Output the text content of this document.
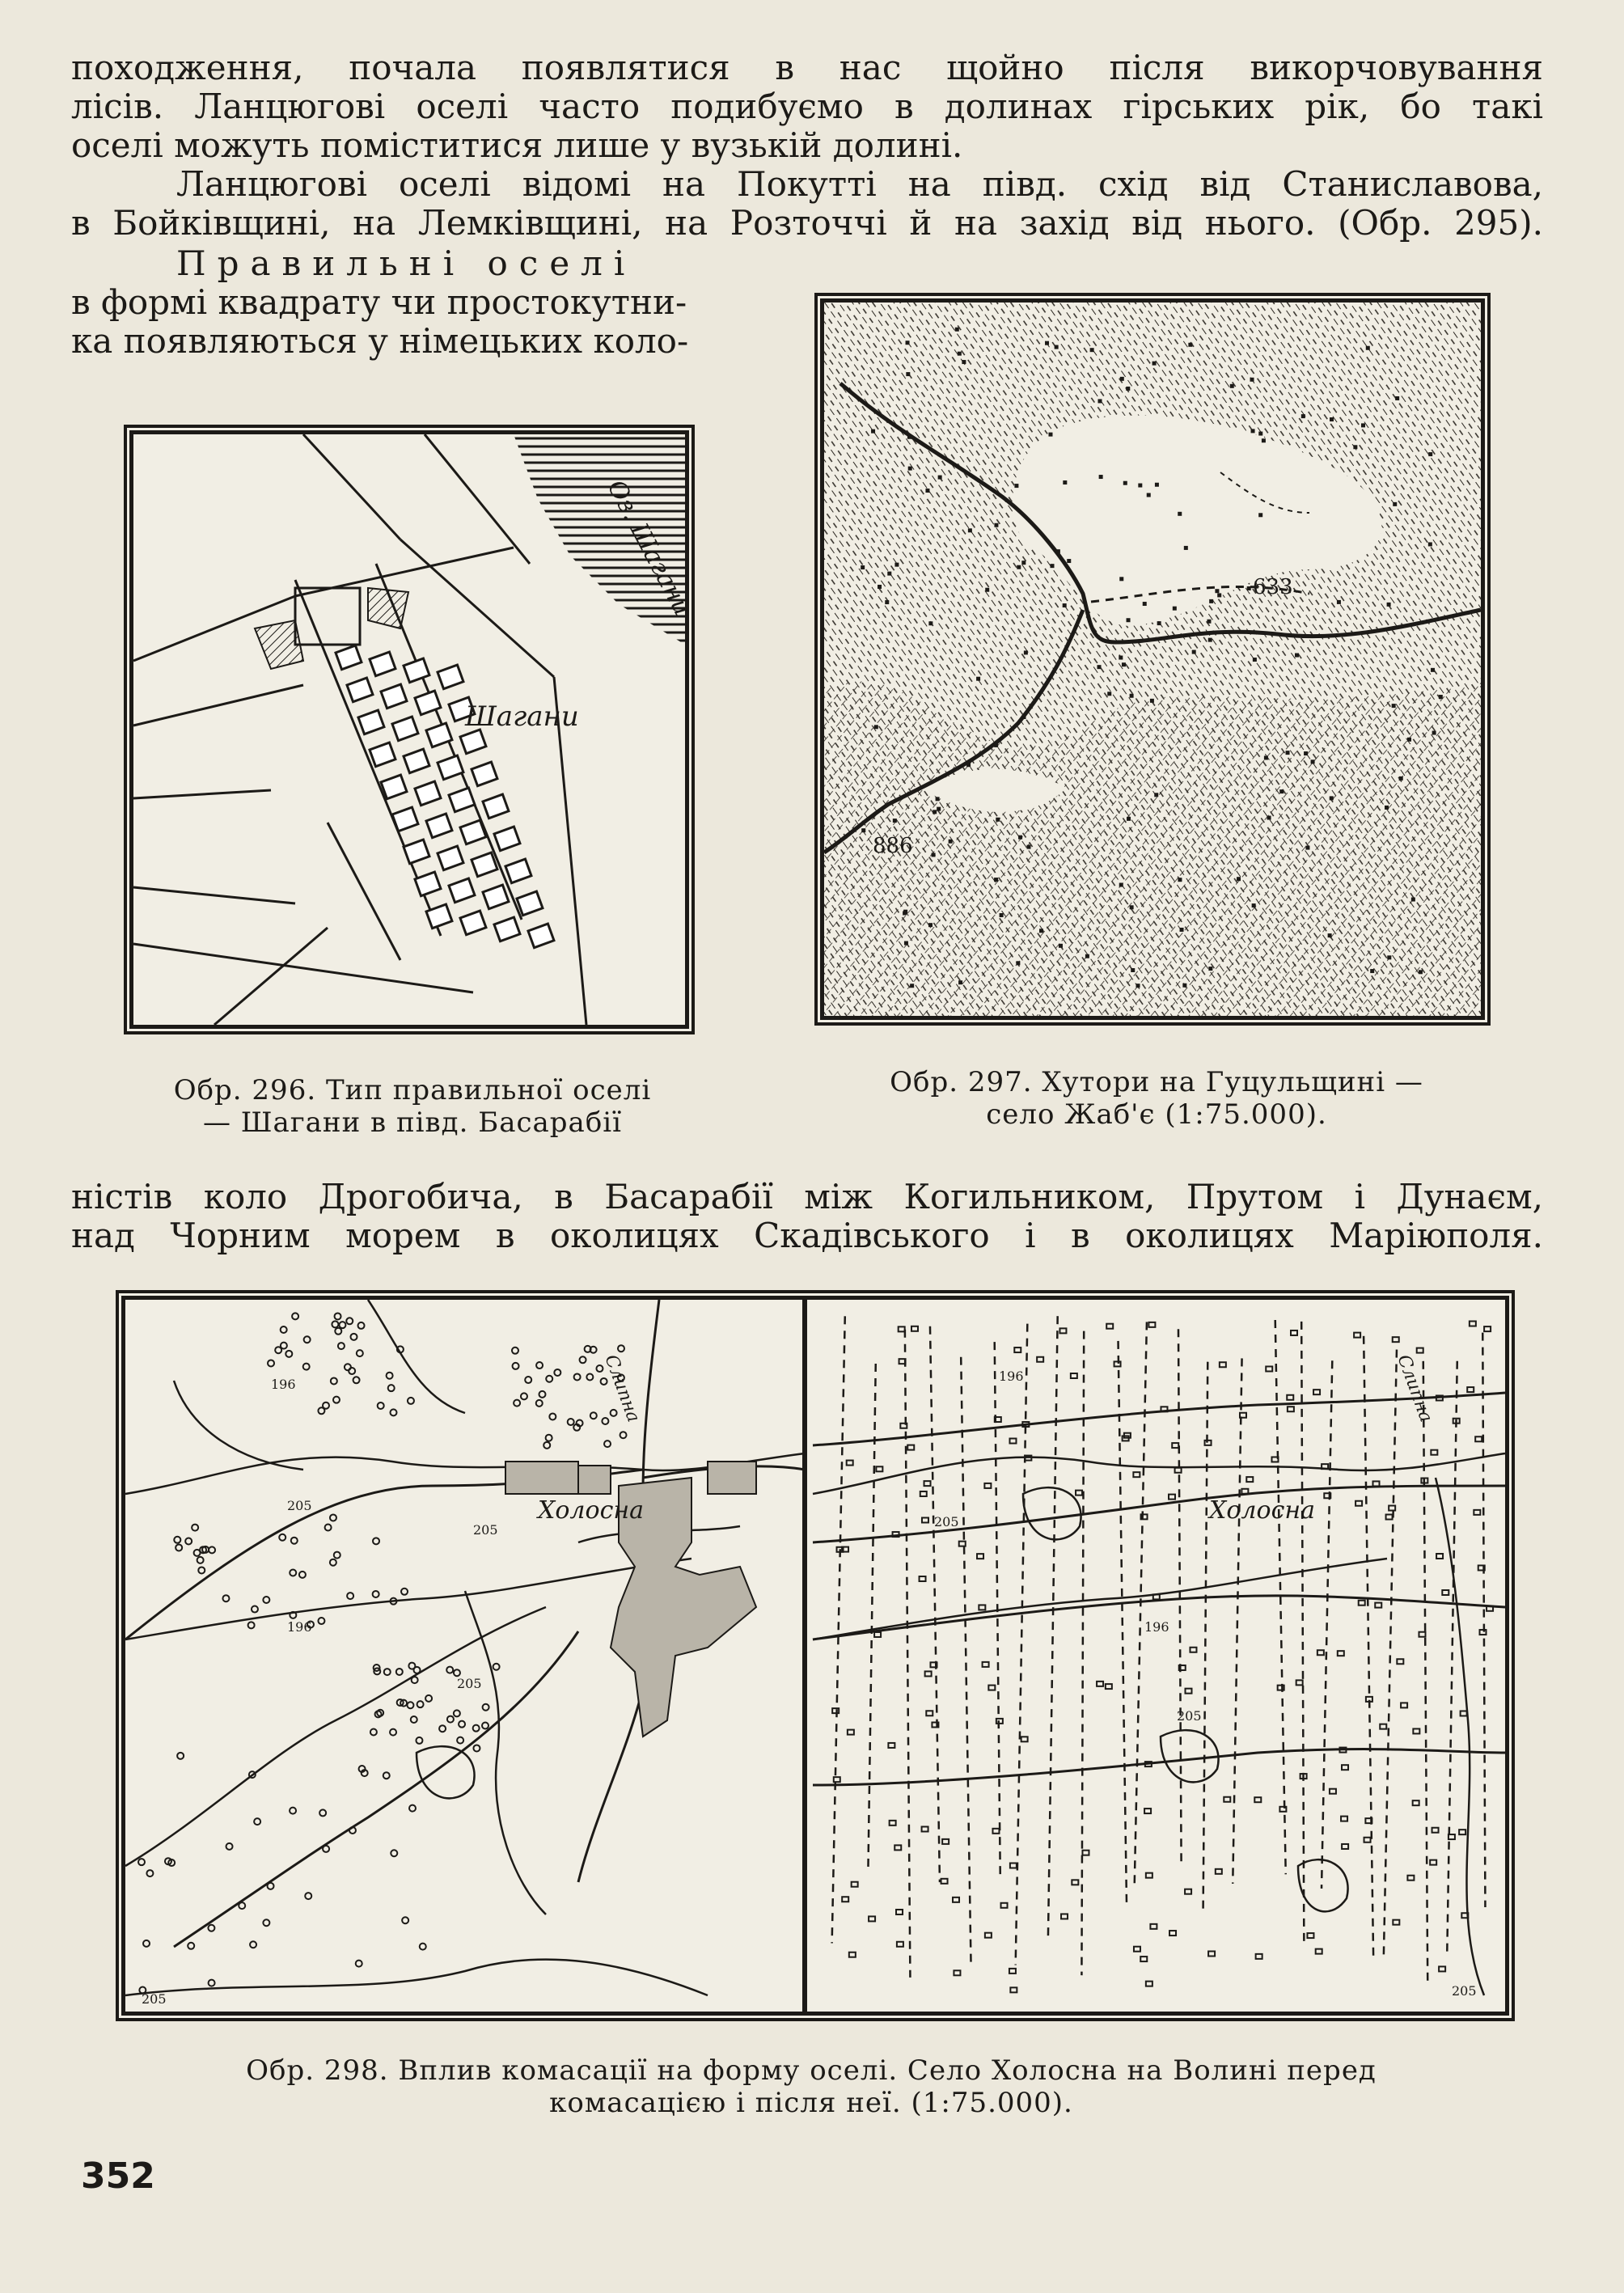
походження, почала появлятися в нас щойно після викорчовування
лісів. Ланцюгові оселі часто подибуємо в долинах гірських рік, бо такі
оселі можуть поміститися лише у вузькій долині.
Ланцюгові оселі відомі на Покутті на півд. схід від Станиславова,
в Бойківщині, на Лемківщині, на Розточчі й на захід від нього. (Обр. 295).
Правильні оселі
в формі квадрату чи простокутни-
ка появляються у німецьких коло-
Шагани
Оз. Шагани
Обр. 296. Тип правильної оселі
— Шагани в півд. Басарабії
633
886
Обр. 297. Хутори на Гуцульщині —
село Жаб'є (1:75.000).
ністів коло Дрогобича, в Басарабії між Когильником, Прутом і Дунаєм,
над Чорним морем в околицях Скадівського і в околицях Маріюполя.
Холосна
Слипна
196
196
205
205
205
205
Холосна
Слипна
196
196
205
205
205
Обр. 298. Вплив комасації на форму оселі. Село Холосна на Волині перед
комасацією і після неї. (1:75.000).
352
